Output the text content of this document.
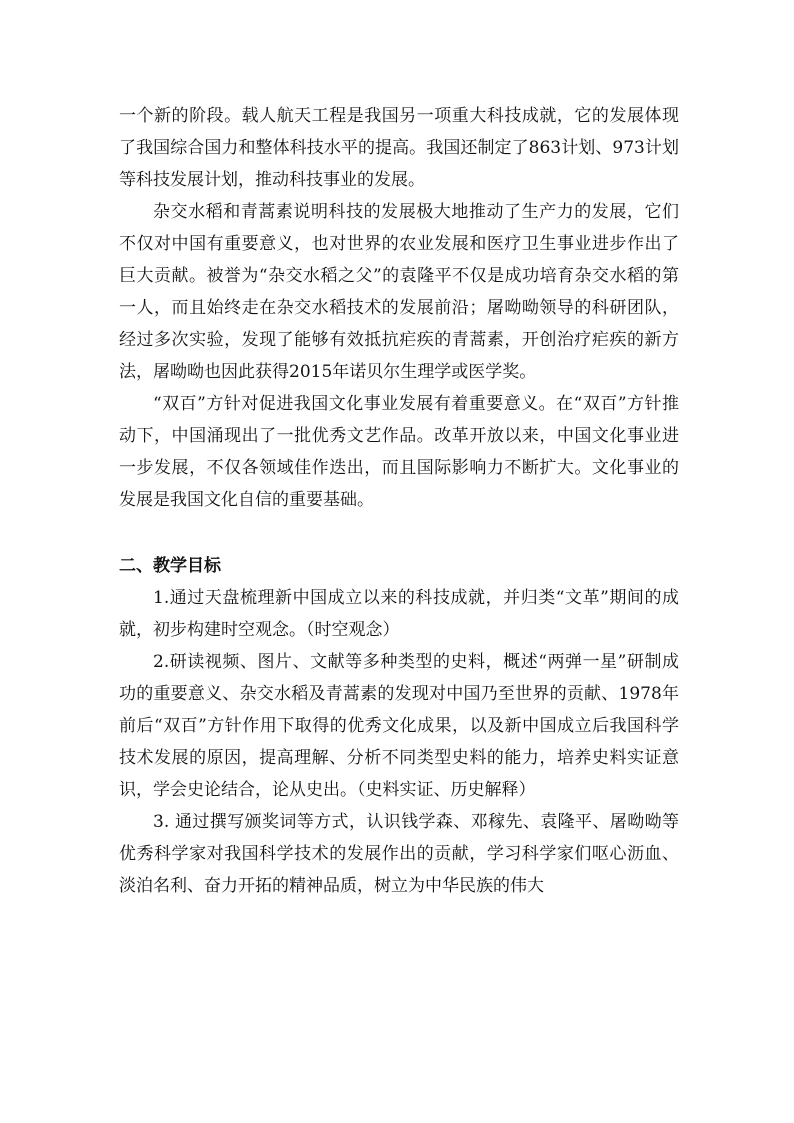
一个新的阶段。载人航天工程是我国另一项重大科技成就，它的发展体现了我国综合国力和整体科技水平的提高。我国还制定了863计划、973计划等科技发展计划，推动科技事业的发展。

杂交水稻和青蒿素说明科技的发展极大地推动了生产力的发展，它们不仅对中国有重要意义，也对世界的农业发展和医疗卫生事业进步作出了巨大贡献。被誉为“杂交水稻之父”的袁隆平不仅是成功培育杂交水稻的第一人，而且始终走在杂交水稻技术的发展前沿；屠呦呦领导的科研团队，经过多次实验，发现了能够有效抵抗疟疾的青蒿素，开创治疗疟疾的新方法，屠呦呦也因此获得2015年诺贝尔生理学或医学奖。

“双百”方针对促进我国文化事业发展有着重要意义。在“双百”方针推动下，中国涌现出了一批优秀文艺作品。改革开放以来，中国文化事业进一步发展，不仅各领域佳作迭出，而且国际影响力不断扩大。文化事业的发展是我国文化自信的重要基础。

二、教学目标

1.通过天盘梳理新中国成立以来的科技成就，并归类“文革”期间的成就，初步构建时空观念。（时空观念）

2.研读视频、图片、文献等多种类型的史料，概述“两弹一星”研制成功的重要意义、杂交水稻及青蒿素的发现对中国乃至世界的贡献、1978年前后“双百”方针作用下取得的优秀文化成果，以及新中国成立后我国科学技术发展的原因，提高理解、分析不同类型史料的能力，培养史料实证意识，学会史论结合，论从史出。（史料实证、历史解释）

3. 通过撰写颁奖词等方式，认识钱学森、邓稼先、袁隆平、屠呦呦等优秀科学家对我国科学技术的发展作出的贡献，学习科学家们呕心沥血、淡泊名利、奋力开拓的精神品质，树立为中华民族的伟大
